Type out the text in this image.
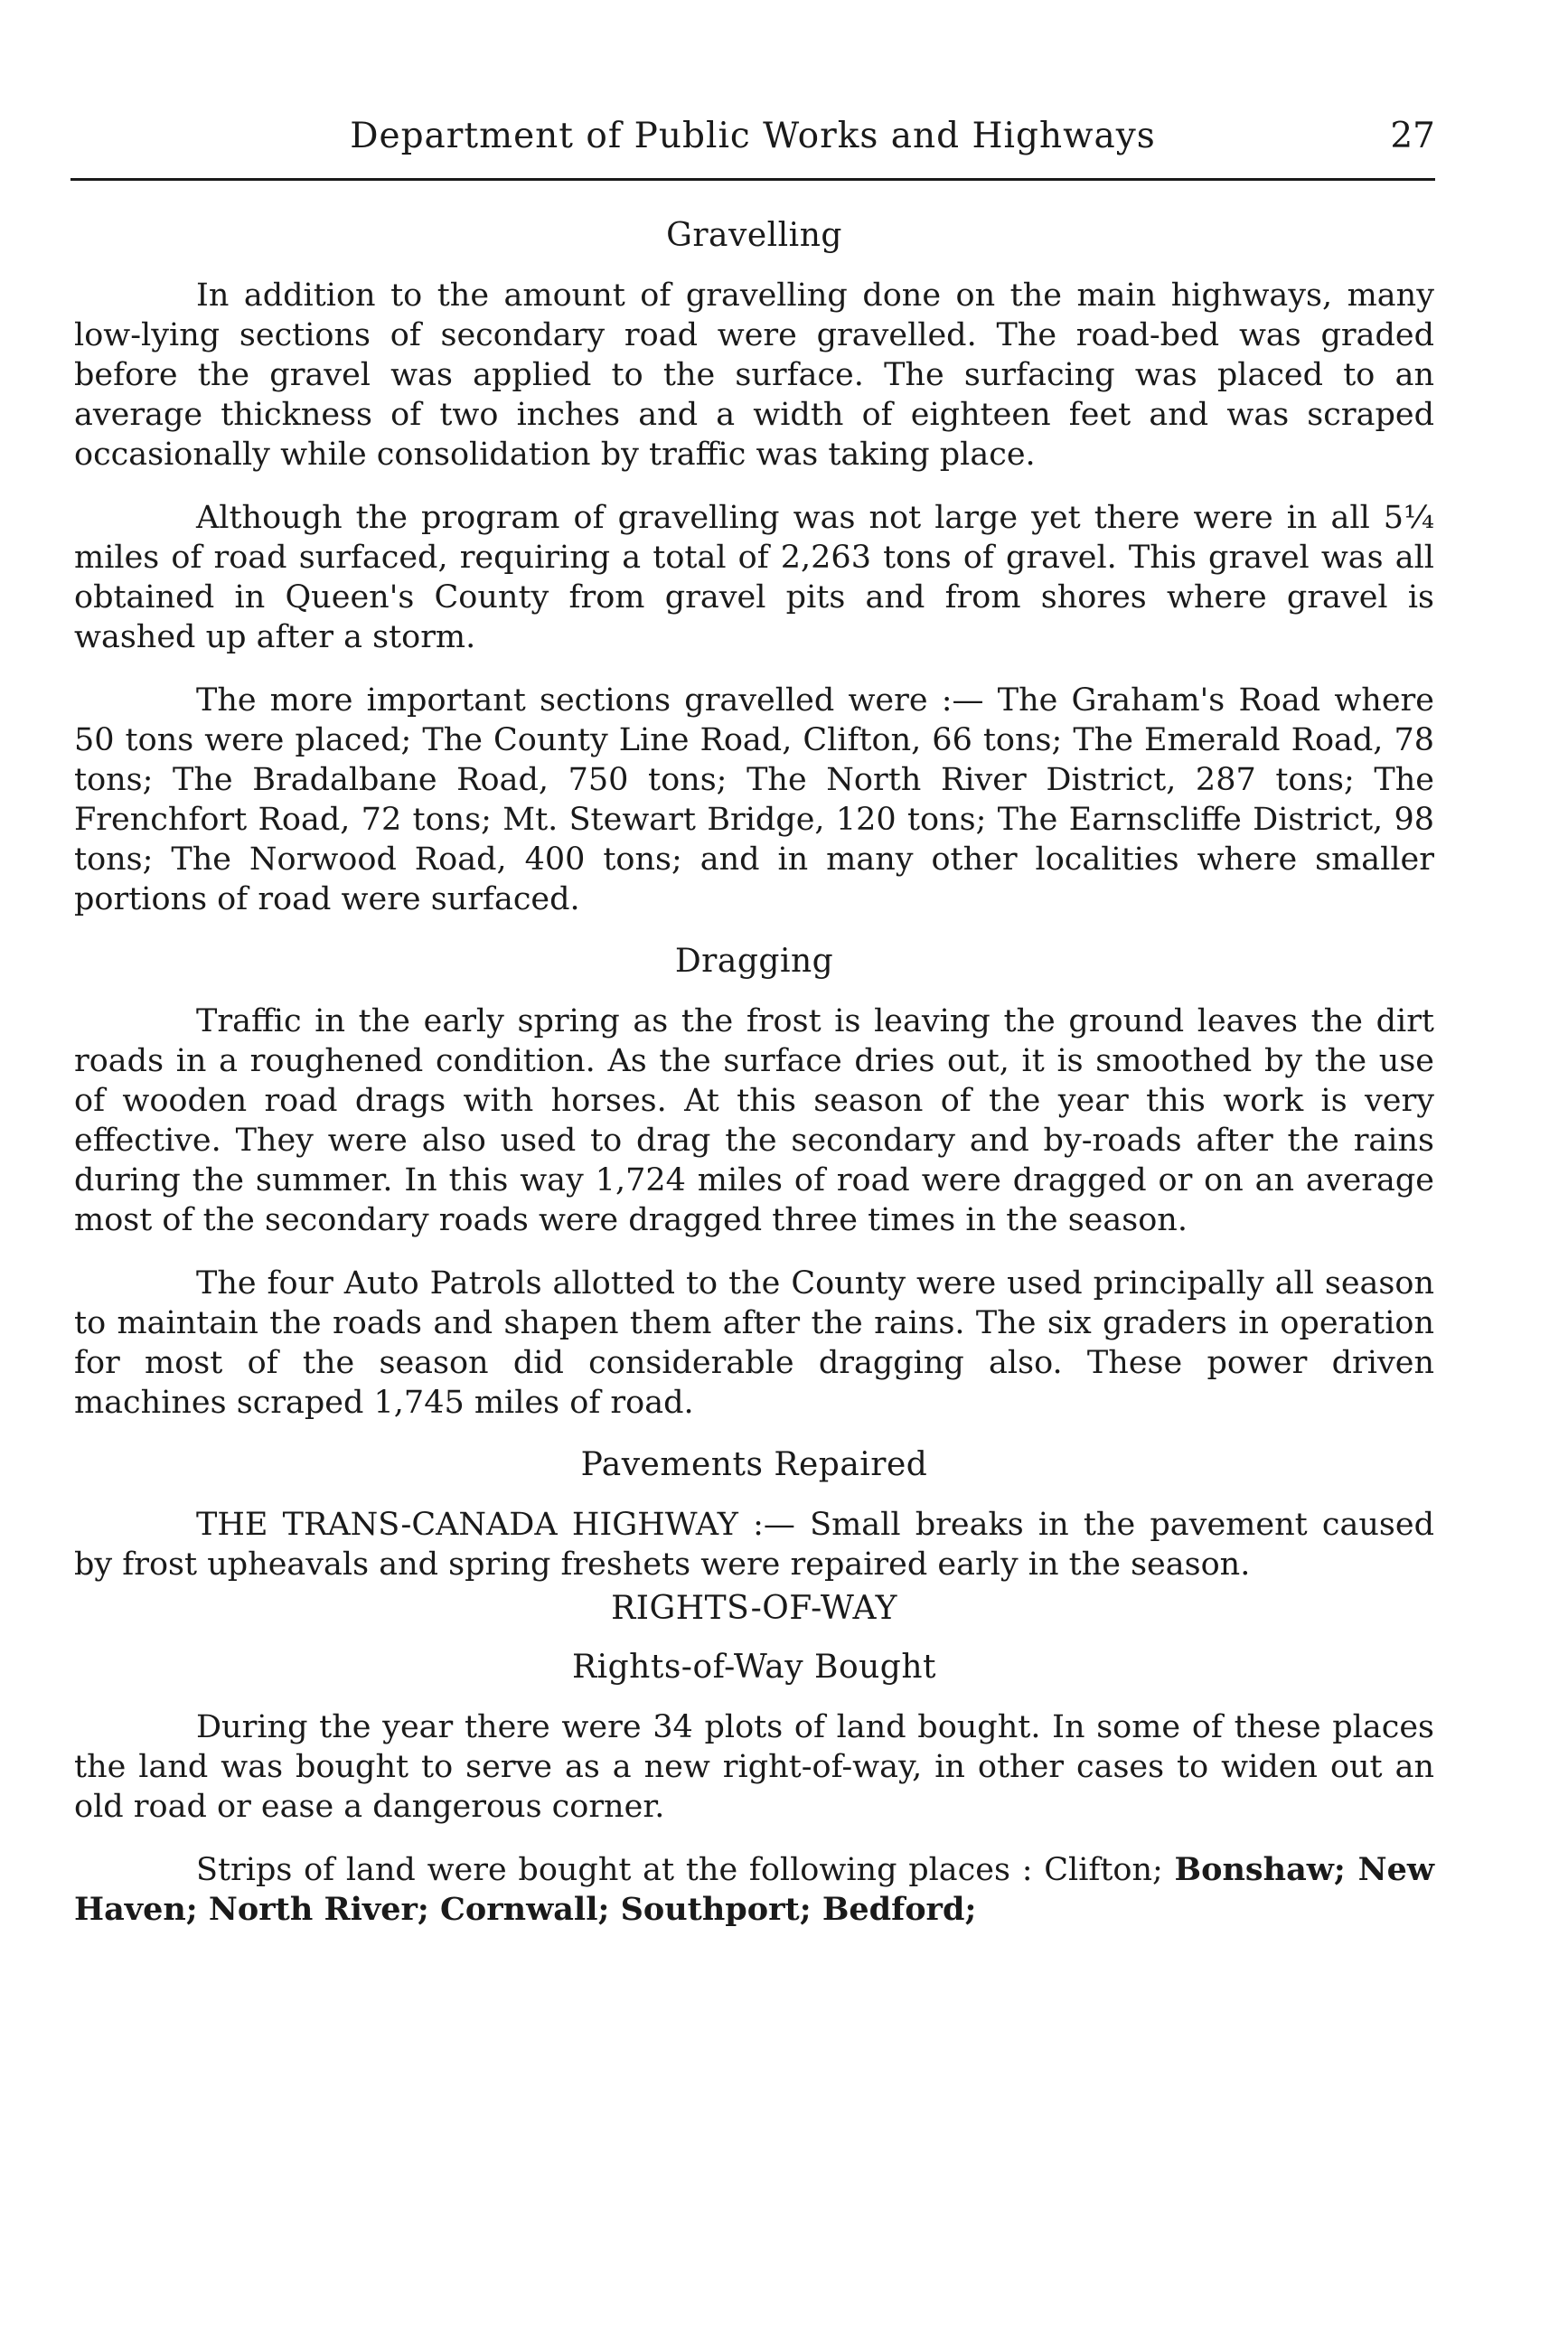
Department of Public Works and Highways	27
Gravelling

In addition to the amount of gravelling done on the main highways, many low-lying sections of secondary road were gravelled. The road-bed was graded before the gravel was applied to the surface. The surfacing was placed to an average thickness of two inches and a width of eighteen feet and was scraped occasionally while consolidation by traffic was taking place.

Although the program of gravelling was not large yet there were in all 5¼ miles of road surfaced, requiring a total of 2,263 tons of gravel. This gravel was all obtained in Queen's County from gravel pits and from shores where gravel is washed up after a storm.

The more important sections gravelled were :— The Graham's Road where 50 tons were placed; The County Line Road, Clifton, 66 tons; The Emerald Road, 78 tons; The Bradalbane Road, 750 tons; The North River District, 287 tons; The Frenchfort Road, 72 tons; Mt. Stewart Bridge, 120 tons; The Earnscliffe District, 98 tons; The Norwood Road, 400 tons; and in many other localities where smaller portions of road were surfaced.

Dragging

Traffic in the early spring as the frost is leaving the ground leaves the dirt roads in a roughened condition. As the surface dries out, it is smoothed by the use of wooden road drags with horses. At this season of the year this work is very effective. They were also used to drag the secondary and by-roads after the rains during the summer. In this way 1,724 miles of road were dragged or on an average most of the secondary roads were dragged three times in the season.

The four Auto Patrols allotted to the County were used principally all season to maintain the roads and shapen them after the rains. The six graders in operation for most of the season did considerable dragging also. These power driven machines scraped 1,745 miles of road.

Pavements Repaired

THE TRANS-CANADA HIGHWAY :— Small breaks in the pavement caused by frost upheavals and spring freshets were repaired early in the season.

RIGHTS-OF-WAY
Rights-of-Way Bought

During the year there were 34 plots of land bought. In some of these places the land was bought to serve as a new right-of-way, in other cases to widen out an old road or ease a dangerous corner.

Strips of land were bought at the following places : Clifton; Bonshaw; New Haven; North River; Cornwall; Southport; Bedford;
